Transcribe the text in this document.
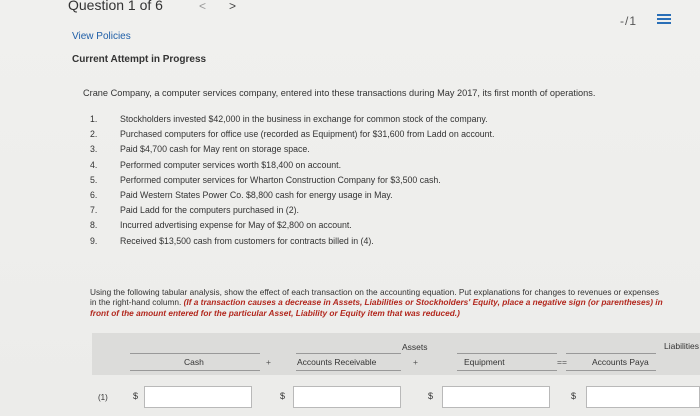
Question 1 of 6	< >
-/1
View Policies
Current Attempt in Progress
Crane Company, a computer services company, entered into these transactions during May 2017, its first month of operations.
1.	Stockholders invested $42,000 in the business in exchange for common stock of the company.
2.	Purchased computers for office use (recorded as Equipment) for $31,600 from Ladd on account.
3.	Paid $4,700 cash for May rent on storage space.
4.	Performed computer services worth $18,400 on account.
5.	Performed computer services for Wharton Construction Company for $3,500 cash.
6.	Paid Western States Power Co. $8,800 cash for energy usage in May.
7.	Paid Ladd for the computers purchased in (2).
8.	Incurred advertising expense for May of $2,800 on account.
9.	Received $13,500 cash from customers for contracts billed in (4).
Using the following tabular analysis, show the effect of each transaction on the accounting equation. Put explanations for changes to revenues or expenses in the right-hand column. (If a transaction causes a decrease in Assets, Liabilities or Stockholders' Equity, place a negative sign (or parentheses) in front of the amount entered for the particular Asset, Liability or Equity item that was reduced.)
Assets	Liabilities
Cash	+	Accounts Receivable	+	Equipment	= =	Accounts Paya
(1)	$	$	$	$
